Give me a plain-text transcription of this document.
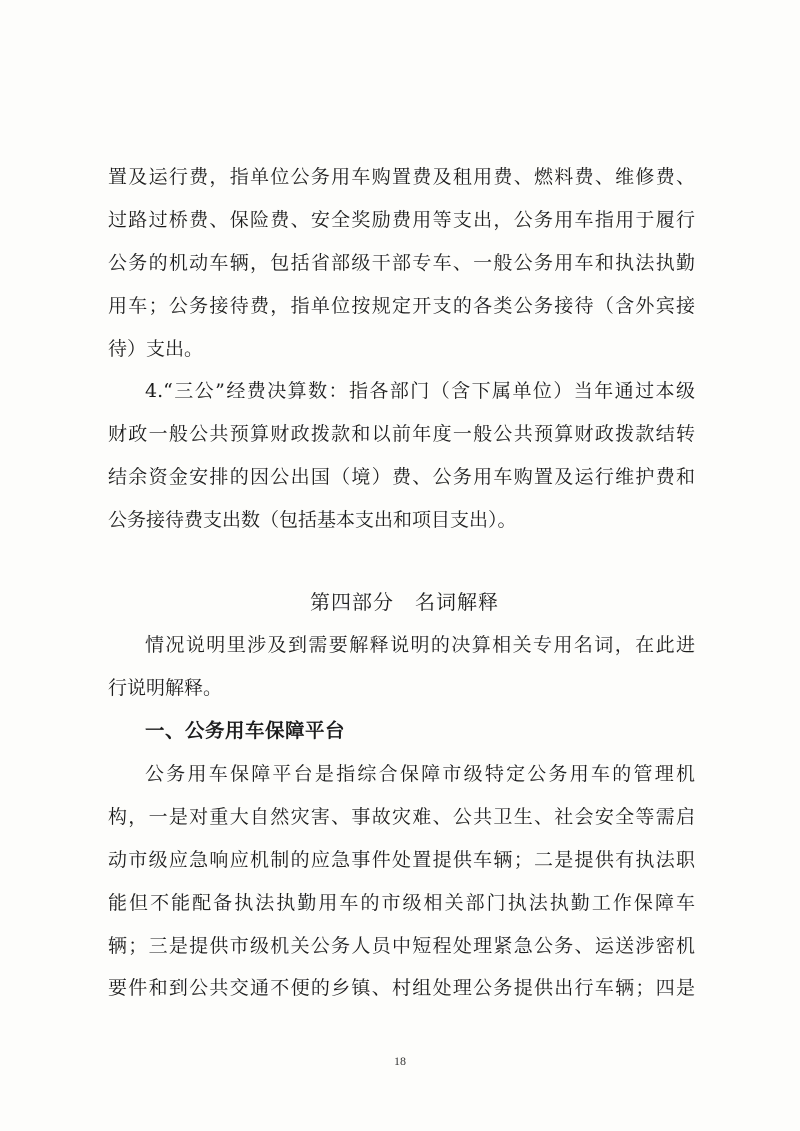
置及运行费，指单位公务用车购置费及租用费、燃料费、维修费、
过路过桥费、保险费、安全奖励费用等支出，公务用车指用于履行
公务的机动车辆，包括省部级干部专车、一般公务用车和执法执勤
用车；公务接待费，指单位按规定开支的各类公务接待（含外宾接
待）支出。
4.“三公”经费决算数：指各部门（含下属单位）当年通过本级
财政一般公共预算财政拨款和以前年度一般公共预算财政拨款结转
结余资金安排的因公出国（境）费、公务用车购置及运行维护费和
公务接待费支出数（包括基本支出和项目支出）。
第四部分　名词解释
情况说明里涉及到需要解释说明的决算相关专用名词，在此进
行说明解释。
一、公务用车保障平台
公务用车保障平台是指综合保障市级特定公务用车的管理机
构，一是对重大自然灾害、事故灾难、公共卫生、社会安全等需启
动市级应急响应机制的应急事件处置提供车辆；二是提供有执法职
能但不能配备执法执勤用车的市级相关部门执法执勤工作保障车
辆；三是提供市级机关公务人员中短程处理紧急公务、运送涉密机
要件和到公共交通不便的乡镇、村组处理公务提供出行车辆；四是
18
